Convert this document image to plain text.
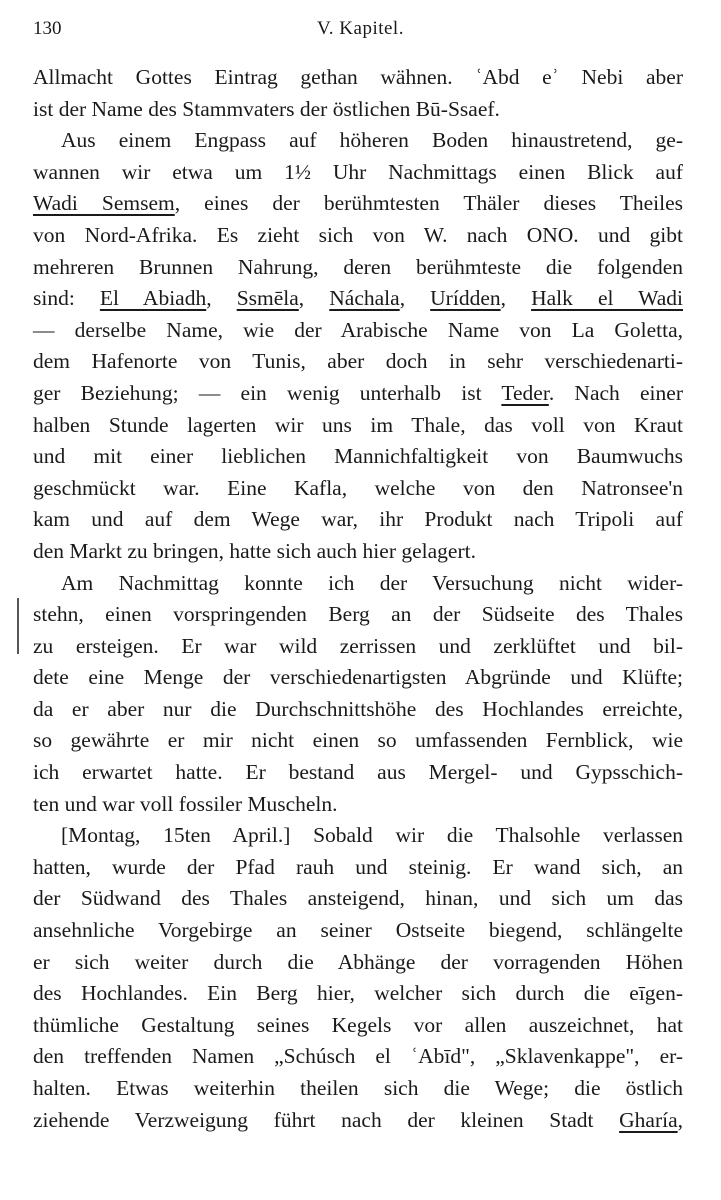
130	V. Kapitel.
Allmacht Gottes Eintrag gethan wähnen. ʿAbd eʾ Nebi aber
ist der Name des Stammvaters der östlichen Bū-Ssaef.
Aus einem Engpass auf höheren Boden hinaustretend, ge-
wannen wir etwa um 1½ Uhr Nachmittags einen Blick auf
Wadi Semsem, eines der berühmtesten Thäler dieses Theiles
von Nord-Afrika. Es zieht sich von W. nach ONO. und gibt
mehreren Brunnen Nahrung, deren berühmteste die folgenden
sind: El Abiadh, Ssmēla, Náchala, Urídden, Halk el Wadi
— derselbe Name, wie der Arabische Name von La Goletta,
dem Hafenorte von Tunis, aber doch in sehr verschiedenarti-
ger Beziehung; — ein wenig unterhalb ist Teder. Nach einer
halben Stunde lagerten wir uns im Thale, das voll von Kraut
und mit einer lieblichen Mannichfaltigkeit von Baumwuchs
geschmückt war. Eine Kafla, welche von den Natronsee'n
kam und auf dem Wege war, ihr Produkt nach Tripoli auf
den Markt zu bringen, hatte sich auch hier gelagert.
Am Nachmittag konnte ich der Versuchung nicht wider-
stehn, einen vorspringenden Berg an der Südseite des Thales
zu ersteigen. Er war wild zerrissen und zerklüftet und bil-
dete eine Menge der verschiedenartigsten Abgründe und Klüfte;
da er aber nur die Durchschnittshöhe des Hochlandes erreichte,
so gewährte er mir nicht einen so umfassenden Fernblick, wie
ich erwartet hatte. Er bestand aus Mergel- und Gypsschich-
ten und war voll fossiler Muscheln.
[Montag, 15ten April.] Sobald wir die Thalsohle verlassen
hatten, wurde der Pfad rauh und steinig. Er wand sich, an
der Südwand des Thales ansteigend, hinan, und sich um das
ansehnliche Vorgebirge an seiner Ostseite biegend, schlängelte
er sich weiter durch die Abhänge der vorragenden Höhen
des Hochlandes. Ein Berg hier, welcher sich durch die eīgen-
thümliche Gestaltung seines Kegels vor allen auszeichnet, hat
den treffenden Namen „Schúsch el ʿAbīd", „Sklavenkappe", er-
halten. Etwas weiterhin theilen sich die Wege; die östlich
ziehende Verzweigung führt nach der kleinen Stadt Gharía,
